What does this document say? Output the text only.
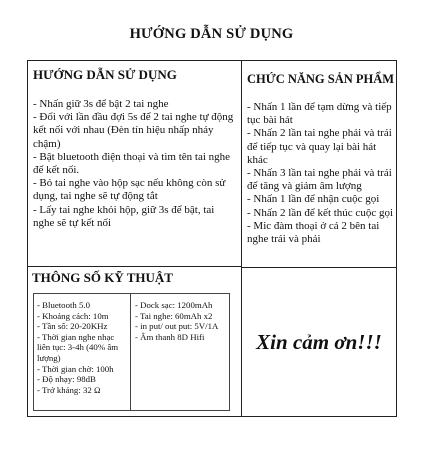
HƯỚNG DẪN SỬ DỤNG
HƯỚNG DẪN SỬ DỤNG
- Nhấn giữ 3s để bật 2 tai nghe
- Đối với lần đầu đợi 5s để 2 tai nghe tự động kết nối với nhau (Đèn tín hiệu nhấp nháy chậm)
- Bật bluetooth điện thoại và tìm tên tai nghe để kết nối.
- Bỏ tai nghe vào hộp sạc nếu không còn sử dụng, tai nghe sẽ tự động tắt
- Lấy tai nghe khỏi hộp, giữ 3s để bật, tai nghe sẽ tự kết nối
CHỨC NĂNG SẢN PHẨM
- Nhấn 1 lần để tạm dừng và tiếp tục bài hát
- Nhấn 2 lần tai nghe phải và trái để tiếp tục và quay lại bài hát khác
- Nhấn 3 lần tai nghe phải và trái để tăng và giảm âm lượng
- Nhấn 1 lần để nhận cuộc gọi
- Nhấn 2 lần để kết thúc cuộc gọi
- Mic đàm thoại ở cả 2 bên tai nghe trái và phải
THÔNG SỐ KỸ THUẬT
- Bluetooth 5.0
- Khoảng cách: 10m
- Tần số: 20-20KHz
- Thời gian nghe nhạc liên tục: 3-4h (40% âm lượng)
- Thời gian chờ: 100h
- Độ nhạy: 98dB
- Trở kháng: 32 Ω
- Dock sạc: 1200mAh
- Tai nghe: 60mAh x2
- in put/ out put: 5V/1A
- Âm thanh 8D Hifi	Xin cảm ơn!!!
